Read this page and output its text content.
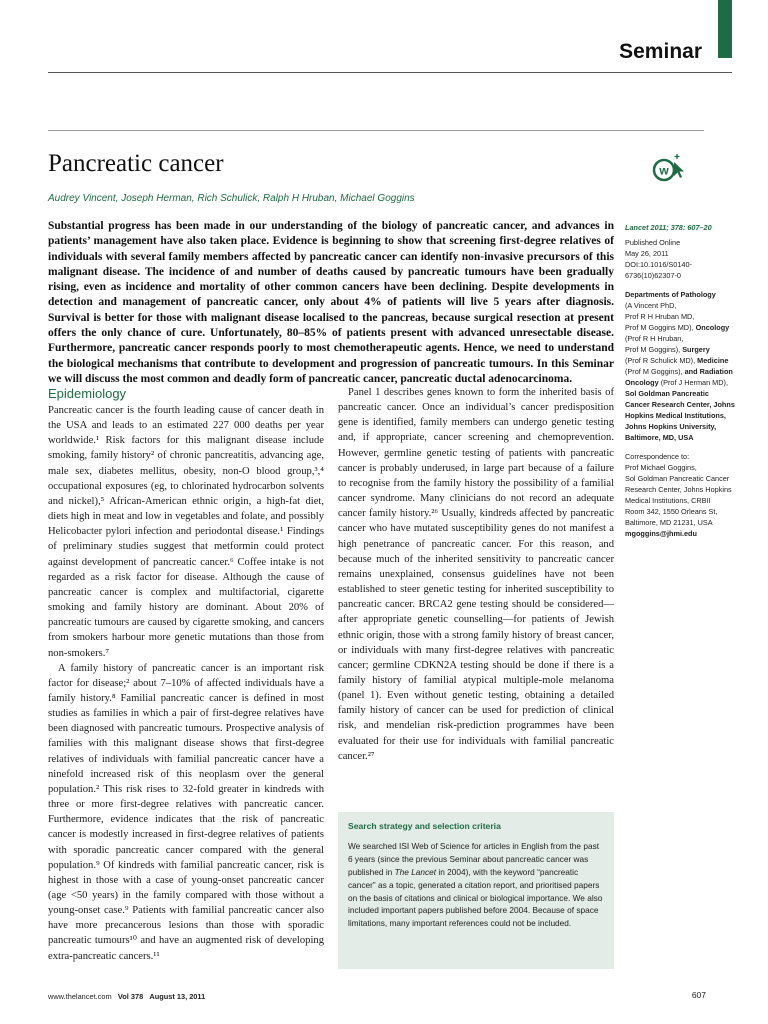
Seminar
Pancreatic cancer	w
Audrey Vincent, Joseph Herman, Rich Schulick, Ralph H Hruban, Michael Goggins

Substantial progress has been made in our understanding of the biology of pancreatic cancer, and advances in patients’ management have also taken place. Evidence is beginning to show that screening first-degree relatives of individuals with several family members affected by pancreatic cancer can identify non-invasive precursors of this malignant disease. The incidence of and number of deaths caused by pancreatic tumours have been gradually rising, even as incidence and mortality of other common cancers have been declining. Despite developments in detection and management of pancreatic cancer, only about 4% of patients will live 5 years after diagnosis. Survival is better for those with malignant disease localised to the pancreas, because surgical resection at present offers the only chance of cure. Unfortunately, 80–85% of patients present with advanced unresectable disease. Furthermore, pancreatic cancer responds poorly to most chemotherapeutic agents. Hence, we need to understand the biological mechanisms that contribute to development and progression of pancreatic tumours. In this Seminar we will discuss the most common and deadly form of pancreatic cancer, pancreatic ductal adenocarcinoma.

Lancet 2011; 378: 607–20
Published Online
May 26, 2011
DOI:10.1016/S0140-
6736(10)62307-0
Departments of Pathology
(A Vincent PhD,
Prof R H Hruban MD,
Prof M Goggins MD), Oncology
(Prof R H Hruban,
Prof M Goggins), Surgery
(Prof R Schulick MD), Medicine
(Prof M Goggins), and Radiation
Oncology (Prof J Herman MD),
Sol Goldman Pancreatic Cancer Research Center, Johns Hopkins Medical Institutions, Johns Hopkins University, Baltimore, MD, USA
Correspondence to:
Prof Michael Goggins,
Sol Goldman Pancreatic Cancer
Research Center, Johns Hopkins
Medical Institutions, CRBII
Room 342, 1550 Orleans St,
Baltimore, MD 21231, USA
mgoggins@jhmi.edu
Epidemiology

Pancreatic cancer is the fourth leading cause of cancer death in the USA and leads to an estimated 227 000 deaths per year worldwide.¹ Risk factors for this malignant disease include smoking, family history² of chronic pancreatitis, advancing age, male sex, diabetes mellitus, obesity, non-O blood group,³,⁴ occupational exposures (eg, to chlorinated hydrocarbon solvents and nickel),⁵ African-American ethnic origin, a high-fat diet, diets high in meat and low in vegetables and folate, and possibly Helicobacter pylori infection and periodontal disease.¹ Findings of preliminary studies suggest that metformin could protect against development of pancreatic cancer.⁶ Coffee intake is not regarded as a risk factor for disease. Although the cause of pancreatic cancer is complex and multifactorial, cigarette smoking and family history are dominant. About 20% of pancreatic tumours are caused by cigarette smoking, and cancers from smokers harbour more genetic mutations than those from non-smokers.⁷

A family history of pancreatic cancer is an important risk factor for disease;² about 7–10% of affected individuals have a family history.⁸ Familial pancreatic cancer is defined in most studies as families in which a pair of first-degree relatives have been diagnosed with pancreatic tumours. Prospective analysis of families with this malignant disease shows that first-degree relatives of individuals with familial pancreatic cancer have a ninefold increased risk of this neoplasm over the general population.² This risk rises to 32-fold greater in kindreds with three or more first-degree relatives with pancreatic cancer. Furthermore, evidence indicates that the risk of pancreatic cancer is modestly increased in first-degree relatives of patients with sporadic pancreatic cancer compared with the general population.⁹ Of kindreds with familial pancreatic cancer, risk is highest in those with a case of young-onset pancreatic cancer (age <50 years) in the family compared with those without a young-onset case.⁹ Patients with familial pancreatic cancer also have more precancerous lesions than those with sporadic pancreatic tumours¹⁰ and have an augmented risk of developing extra-pancreatic cancers.¹¹

Panel 1 describes genes known to form the inherited basis of pancreatic cancer. Once an individual’s cancer predisposition gene is identified, family members can undergo genetic testing and, if appropriate, cancer screening and chemoprevention. However, germline genetic testing of patients with pancreatic cancer is probably underused, in large part because of a failure to recognise from the family history the possibility of a familial cancer syndrome. Many clinicians do not record an adequate cancer family history.²⁶ Usually, kindreds affected by pancreatic cancer who have mutated susceptibility genes do not manifest a high penetrance of pancreatic cancer. For this reason, and because much of the inherited sensitivity to pancreatic cancer remains unexplained, consensus guidelines have not been established to steer genetic testing for inherited susceptibility to pancreatic cancer. BRCA2 gene testing should be considered—after appropriate genetic counselling—for patients of Jewish ethnic origin, those with a strong family history of breast cancer, or individuals with many first-degree relatives with pancreatic cancer; germline CDKN2A testing should be done if there is a family history of familial atypical multiple-mole melanoma (panel 1). Even without genetic testing, obtaining a detailed family history of cancer can be used for prediction of clinical risk, and mendelian risk-prediction programmes have been evaluated for their use for individuals with familial pancreatic cancer.²⁷

Search strategy and selection criteria
We searched ISI Web of Science for articles in English from the past 6 years (since the previous Seminar about pancreatic cancer was published in The Lancet in 2004), with the keyword “pancreatic cancer” as a topic, generated a citation report, and prioritised papers on the basis of citations and clinical or biological importance. We also included important papers published before 2004. Because of space limitations, many important references could not be included.
www.thelancet.com Vol 378 August 13, 2011	607
